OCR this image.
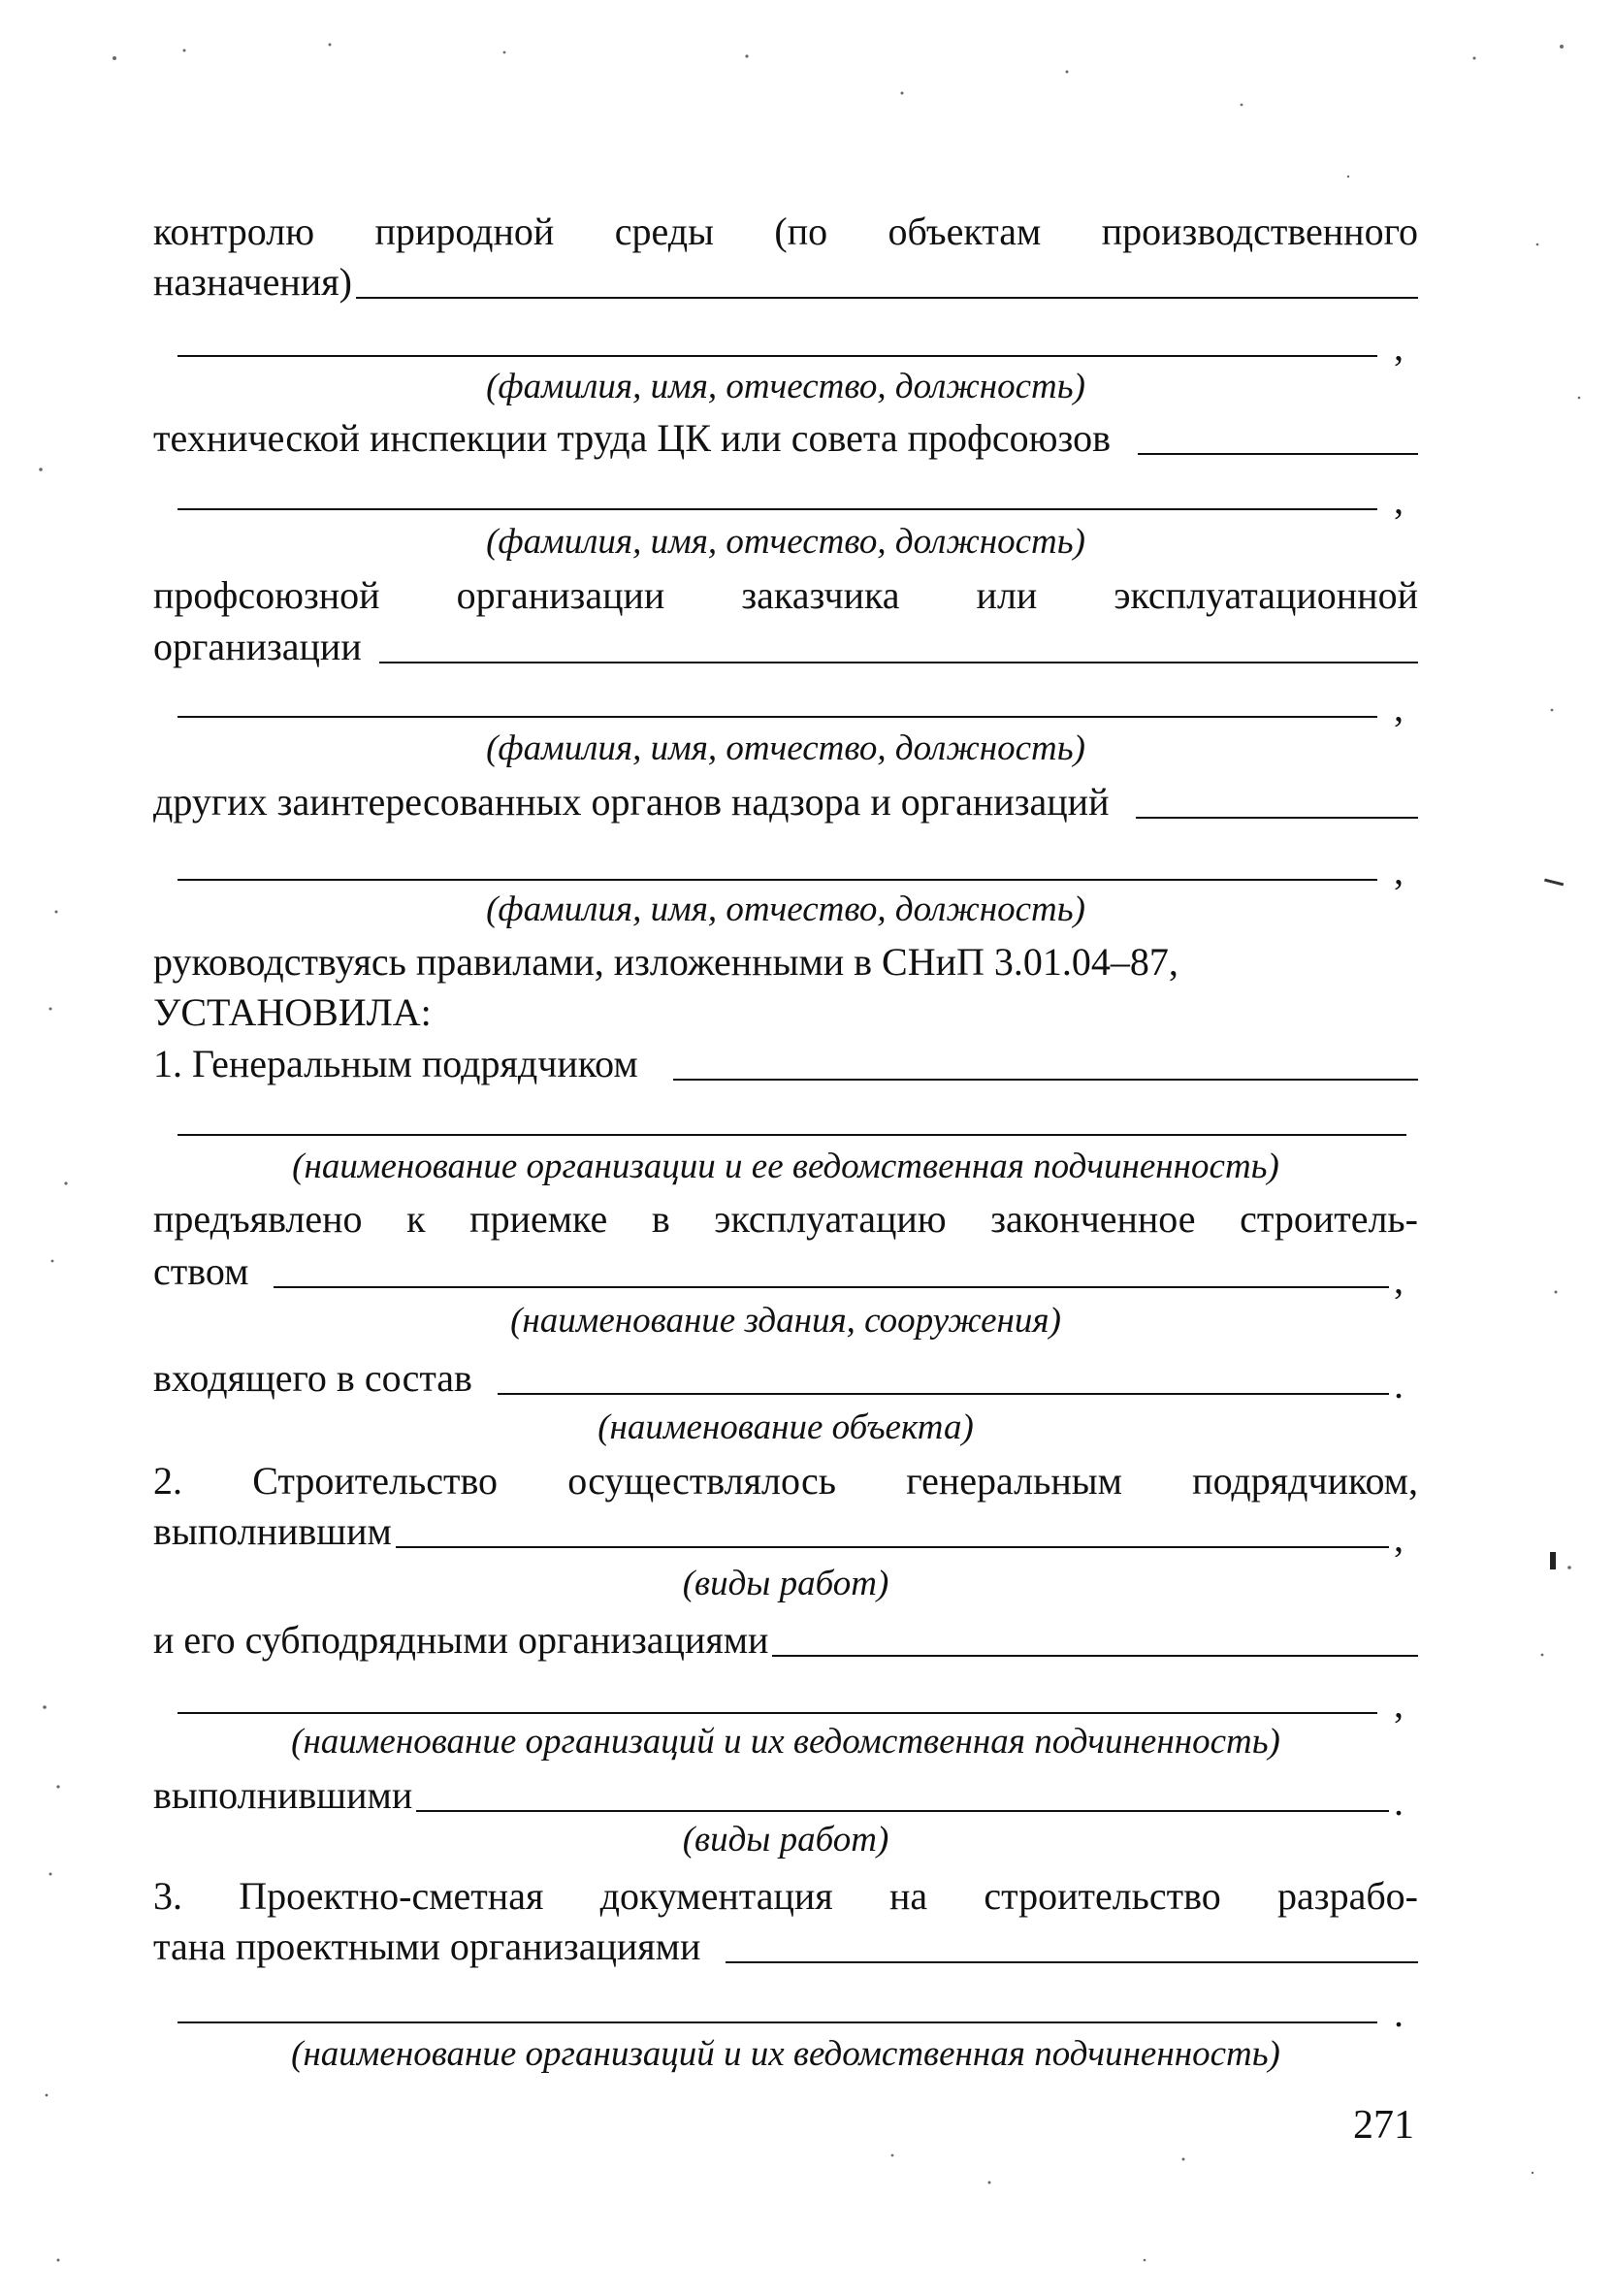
контролю природной среды (по объектам производственного
назначения)
,
(фамилия, имя, отчество, должность)
технической инспекции труда ЦК или совета профсоюзов
,
(фамилия, имя, отчество, должность)
профсоюзной организации заказчика или эксплуатационной
организации
,
(фамилия, имя, отчество, должность)
других заинтересованных органов надзора и организаций
,
(фамилия, имя, отчество, должность)
руководствуясь правилами, изложенными в СНиП 3.01.04–87,
УСТАНОВИЛА:
1. Генеральным подрядчиком
(наименование организации и ее ведомственная подчиненность)
предъявлено к приемке в эксплуатацию законченное строитель-
ством	,
(наименование здания, сооружения)
входящего в состав	.
(наименование объекта)
2. Строительство осуществлялось генеральным подрядчиком,
выполнившим	,
(виды работ)
и его субподрядными организациями
,
(наименование организаций и их ведомственная подчиненность)
выполнившими	.
(виды работ)
3. Проектно-сметная документация на строительство разрабо-
тана проектными организациями
.
(наименование организаций и их ведомственная подчиненность)
271
